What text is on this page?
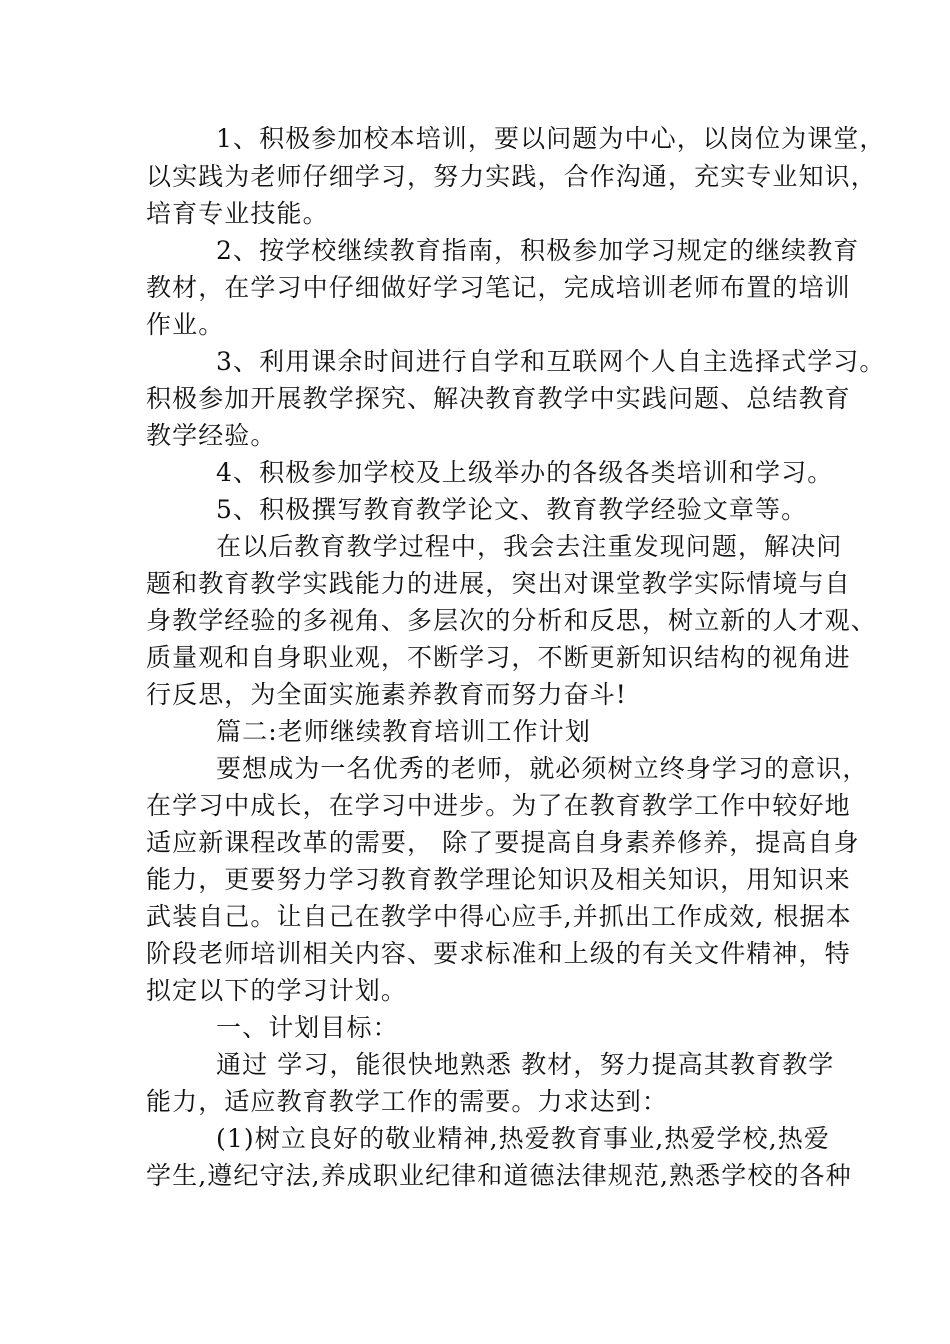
1、积极参加校本培训，要以问题为中心，以岗位为课堂，

以实践为老师仔细学习，努力实践，合作沟通，充实专业知识，

培育专业技能。

2、按学校继续教育指南，积极参加学习规定的继续教育

教材，在学习中仔细做好学习笔记，完成培训老师布置的培训

作业。

3、利用课余时间进行自学和互联网个人自主选择式学习。

积极参加开展教学探究、解决教育教学中实践问题、总结教育

教学经验。

4、积极参加学校及上级举办的各级各类培训和学习。

5、积极撰写教育教学论文、教育教学经验文章等。

在以后教育教学过程中，我会去注重发现问题，解决问

题和教育教学实践能力的进展，突出对课堂教学实际情境与自

身教学经验的多视角、多层次的分析和反思，树立新的人才观、

质量观和自身职业观，不断学习，不断更新知识结构的视角进

行反思，为全面实施素养教育而努力奋斗!

篇二:老师继续教育培训工作计划

要想成为一名优秀的老师，就必须树立终身学习的意识，

在学习中成长，在学习中进步。为了在教育教学工作中较好地

适应新课程改革的需要， 除了要提高自身素养修养，提高自身

能力，更要努力学习教育教学理论知识及相关知识，用知识来

武装自己。让自己在教学中得心应手,并抓出工作成效, 根据本

阶段老师培训相关内容、要求标准和上级的有关文件精神，特

拟定以下的学习计划。

一、计划目标：

通过 学习，能很快地熟悉 教材，努力提高其教育教学

能力，适应教育教学工作的需要。力求达到：

(1)树立良好的敬业精神,热爱教育事业,热爱学校,热爱

学生,遵纪守法,养成职业纪律和道德法律规范,熟悉学校的各种
